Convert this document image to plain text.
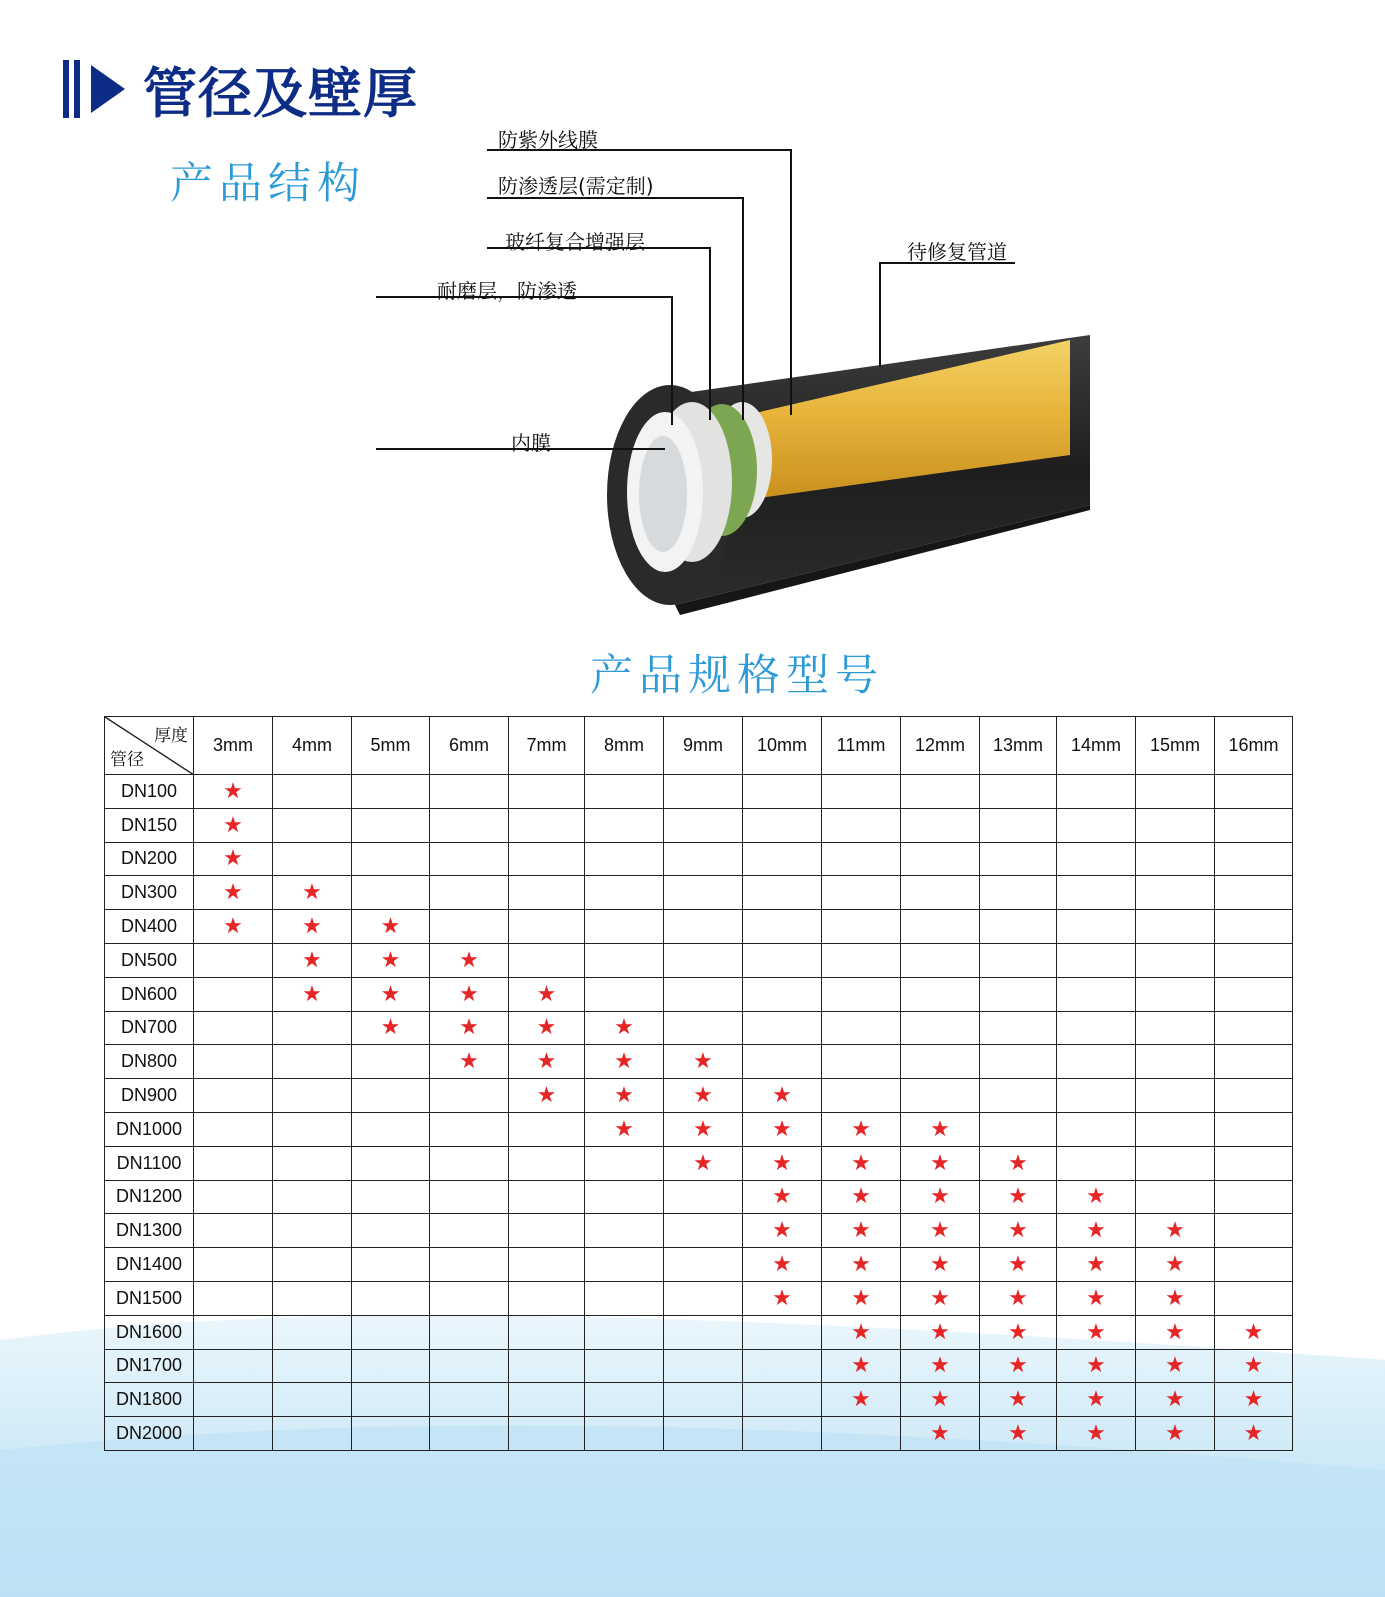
管径及壁厚
产品结构
防紫外线膜
防渗透层(需定制)
玻纤复合增强层
耐磨层，防渗透
待修复管道
内膜
产品规格型号
厚度
管径	3mm	4mm	5mm	6mm	7mm	8mm	9mm	10mm	11mm	12mm	13mm	14mm	15mm	16mm
DN100	★													
DN150	★													
DN200	★													
DN300	★	★												
DN400	★	★	★											
DN500		★	★	★										
DN600		★	★	★	★									
DN700			★	★	★	★								
DN800				★	★	★	★							
DN900					★	★	★	★						
DN1000						★	★	★	★	★				
DN1100							★	★	★	★	★			
DN1200								★	★	★	★	★		
DN1300								★	★	★	★	★	★	
DN1400								★	★	★	★	★	★	
DN1500								★	★	★	★	★	★	
DN1600									★	★	★	★	★	★
DN1700									★	★	★	★	★	★
DN1800									★	★	★	★	★	★
DN2000										★	★	★	★	★
